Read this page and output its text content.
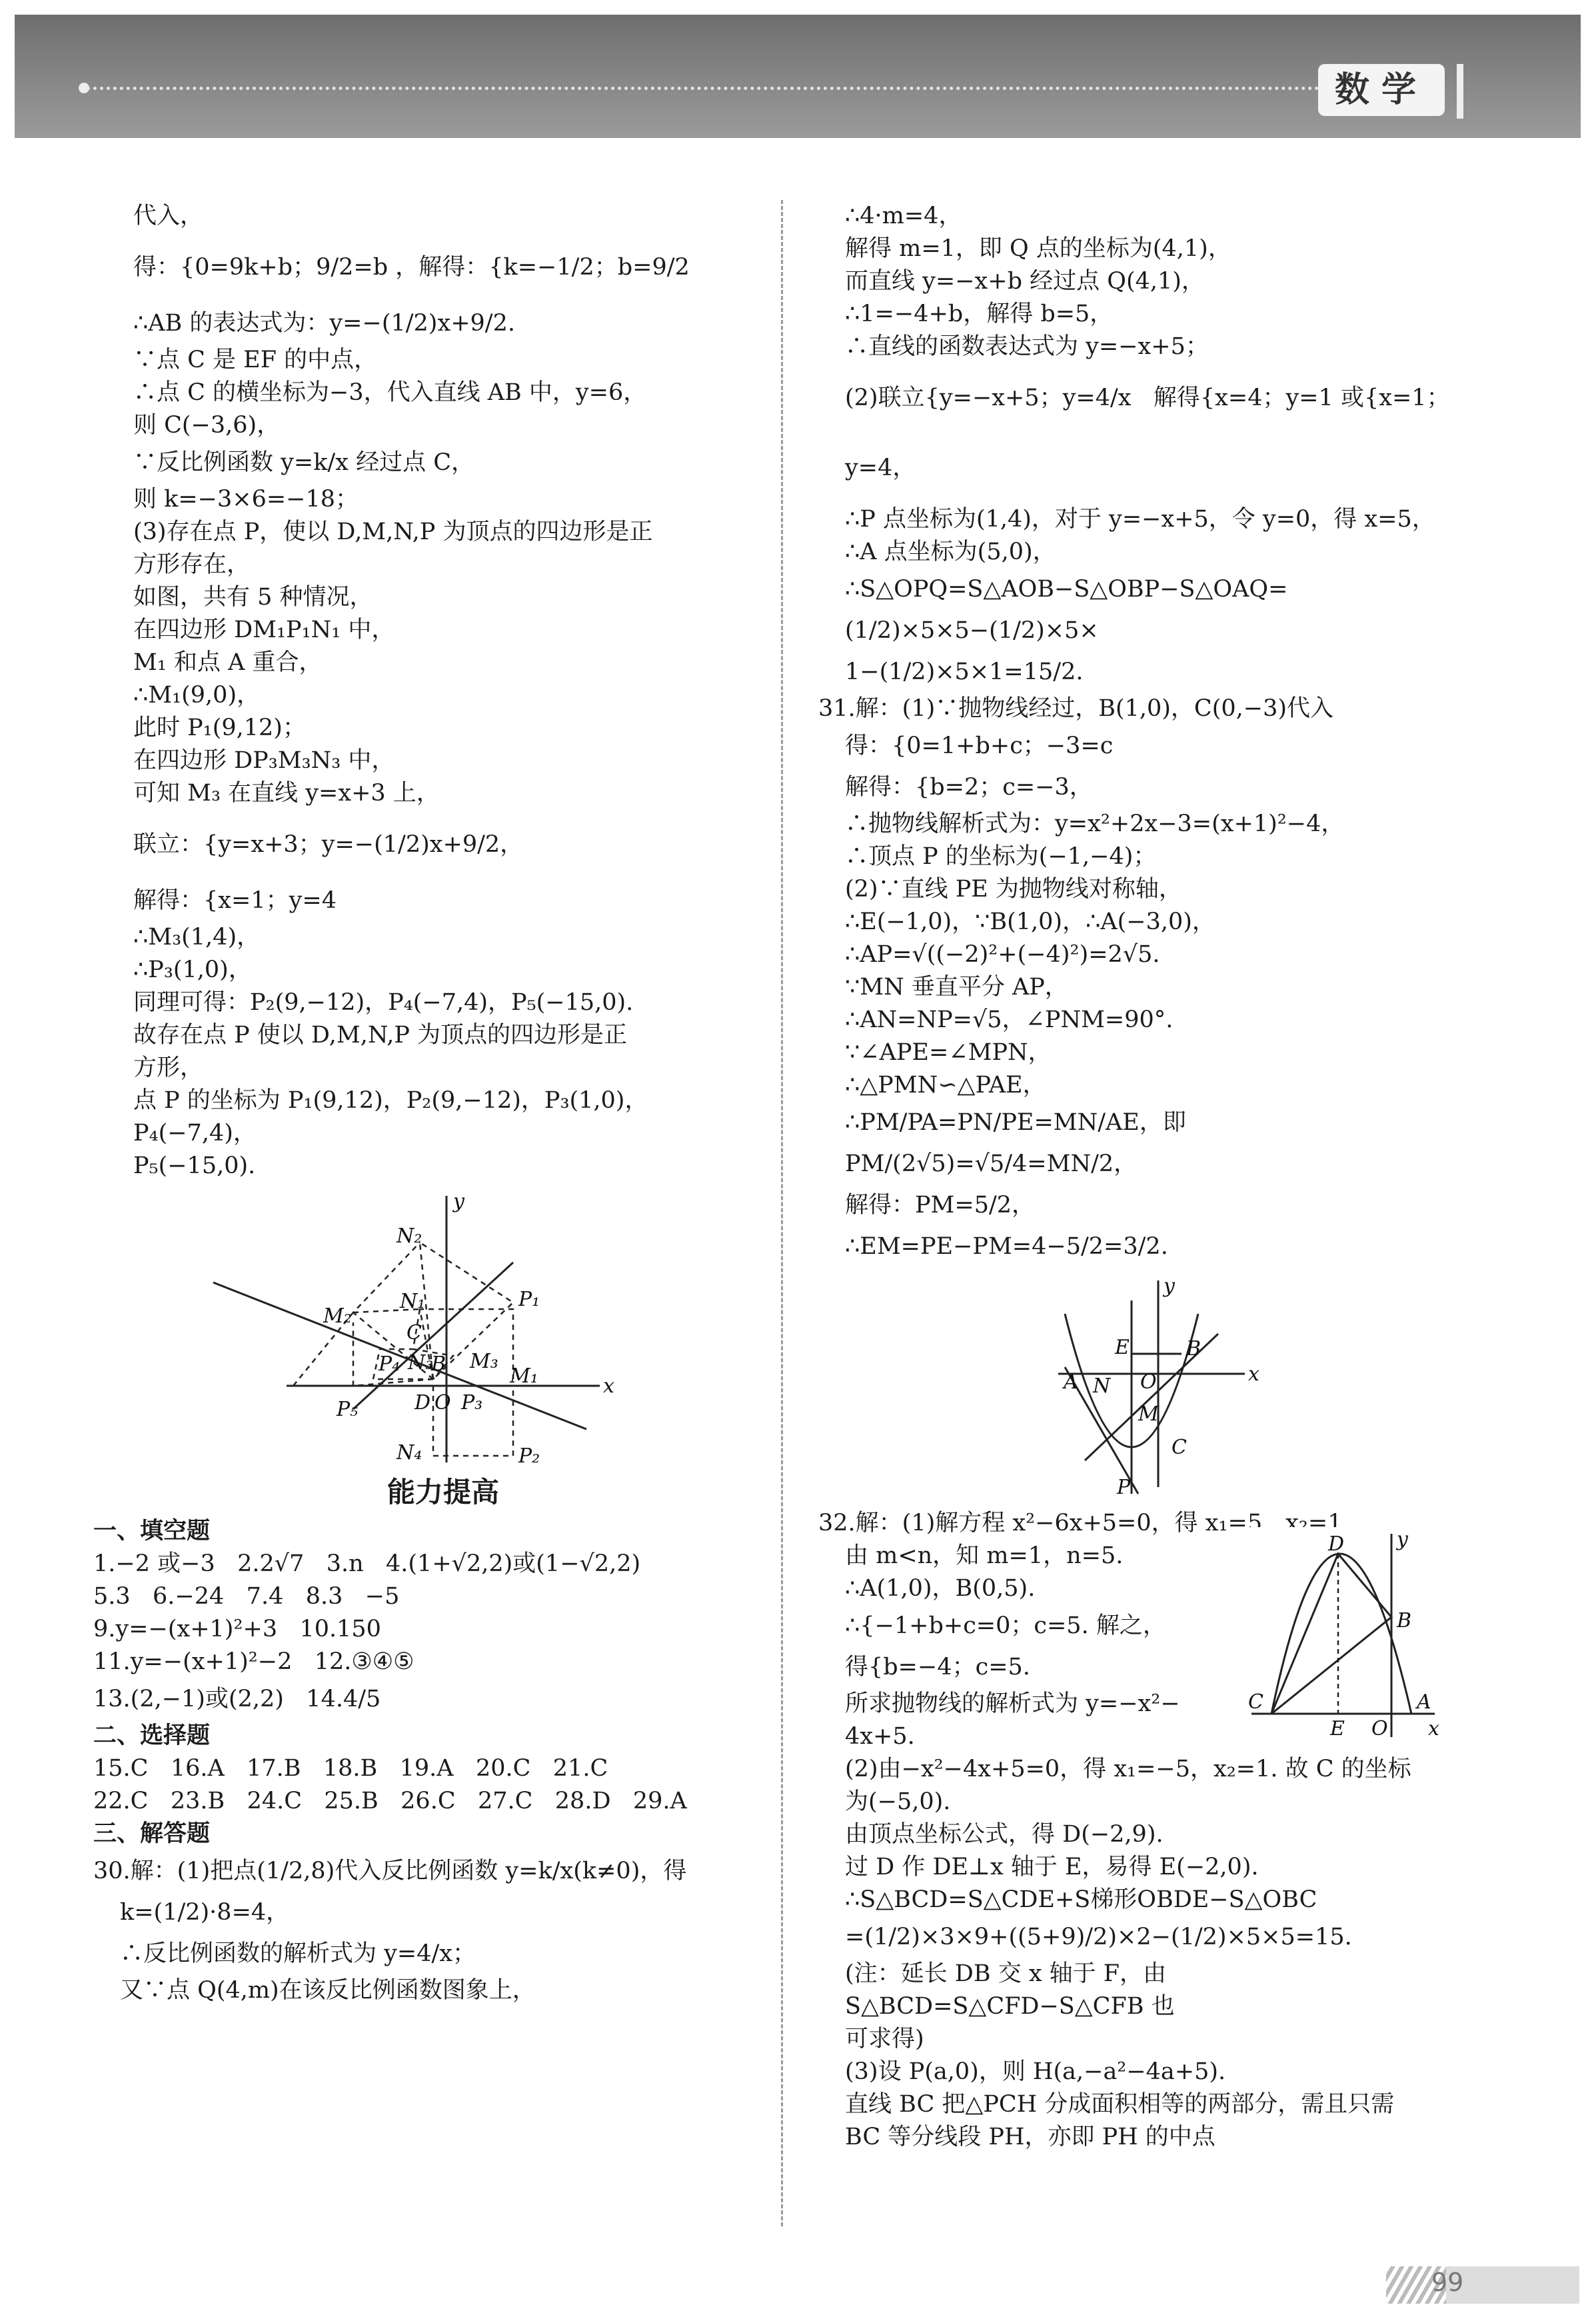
数学
代入，
得：{0=9k+b；9/2=b ，解得：{k=−1/2；b=9/2
∴AB 的表达式为：y=−(1/2)x+9/2.
∵点 C 是 EF 的中点，
∴点 C 的横坐标为−3，代入直线 AB 中，y=6，
则 C(−3,6)，
∵反比例函数 y=k/x 经过点 C，
则 k=−3×6=−18；
(3)存在点 P，使以 D,M,N,P 为顶点的四边形是正
方形存在，
如图，共有 5 种情况，
在四边形 DM₁P₁N₁ 中，
M₁ 和点 A 重合，
∴M₁(9,0)，
此时 P₁(9,12)；
在四边形 DP₃M₃N₃ 中，
可知 M₃ 在直线 y=x+3 上，
联立：{y=x+3；y=−(1/2)x+9/2，
解得：{x=1；y=4
∴M₃(1,4)，
∴P₃(1,0)，
同理可得：P₂(9,−12)，P₄(−7,4)，P₅(−15,0).
故存在点 P 使以 D,M,N,P 为顶点的四边形是正
方形，
点 P 的坐标为 P₁(9,12)，P₂(9,−12)，P₃(1,0)，P₄(−7,4)，
P₅(−15,0).
y
x
N₂
N₁	P₁
M₂
C
N₃
P₄ B M₃
M₁
P₅	D O P₃
N₄	P₂
能力提高
一、填空题
1.−2 或−3   2.2√7   3.n   4.(1+√2,2)或(1−√2,2)
5.3   6.−24   7.4   8.3   −5
9.y=−(x+1)²+3   10.150
11.y=−(x+1)²−2   12.③④⑤
13.(2,−1)或(2,2)   14.4/5
二、选择题
15.C   16.A   17.B   18.B   19.A   20.C   21.C
22.C   23.B   24.C   25.B   26.C   27.C   28.D   29.A
三、解答题
30.解：(1)把点(1/2,8)代入反比例函数 y=k/x(k≠0)，得
k=(1/2)·8=4，
∴反比例函数的解析式为 y=4/x；
又∵点 Q(4,m)在该反比例函数图象上，
∴4·m=4，
解得 m=1，即 Q 点的坐标为(4,1)，
而直线 y=−x+b 经过点 Q(4,1)，
∴1=−4+b，解得 b=5，
∴直线的函数表达式为 y=−x+5；
(2)联立{y=−x+5；y=4/x   解得{x=4；y=1 或{x=1；y=4，
∴P 点坐标为(1,4)，对于 y=−x+5，令 y=0，得 x=5，
∴A 点坐标为(5,0)，
∴S△OPQ=S△AOB−S△OBP−S△OAQ=(1/2)×5×5−(1/2)×5×
1−(1/2)×5×1=15/2.
31.解：(1)∵抛物线经过，B(1,0)，C(0,−3)代入
得：{0=1+b+c；−3=c
解得：{b=2；c=−3，
∴抛物线解析式为：y=x²+2x−3=(x+1)²−4，
∴顶点 P 的坐标为(−1,−4)；
(2)∵直线 PE 为抛物线对称轴，
∴E(−1,0)，∵B(1,0)，∴A(−3,0)，
∴AP=√((−2)²+(−4)²)=2√5.
∵MN 垂直平分 AP，
∴AN=NP=√5，∠PNM=90°.
∵∠APE=∠MPN，
∴△PMN∽△PAE，
∴PM/PA=PN/PE=MN/AE，即 PM/(2√5)=√5/4=MN/2，
解得：PM=5/2，
∴EM=PE−PM=4−5/2=3/2.
y
x
E	B
A N O
M
C
P
32.解：(1)解方程 x²−6x+5=0，得 x₁=5，x₂=1.
由 m<n，知 m=1，n=5.
∴A(1,0)，B(0,5).
∴{−1+b+c=0；c=5. 解之，
得{b=−4；c=5.
所求抛物线的解析式为 y=−x²−
4x+5.
(2)由−x²−4x+5=0，得 x₁=−5，x₂=1. 故 C 的坐标
为(−5,0).
由顶点坐标公式，得 D(−2,9).
过 D 作 DE⊥x 轴于 E，易得 E(−2,0).
∴S△BCD=S△CDE+S梯形OBDE−S△OBC
=(1/2)×3×9+((5+9)/2)×2−(1/2)×5×5=15.
(注：延长 DB 交 x 轴于 F，由 S△BCD=S△CFD−S△CFB 也
可求得)
(3)设 P(a,0)，则 H(a,−a²−4a+5).
直线 BC 把△PCH 分成面积相等的两部分，需且只需
BC 等分线段 PH，亦即 PH 的中点
D	y
B
C	A
E O x
99
